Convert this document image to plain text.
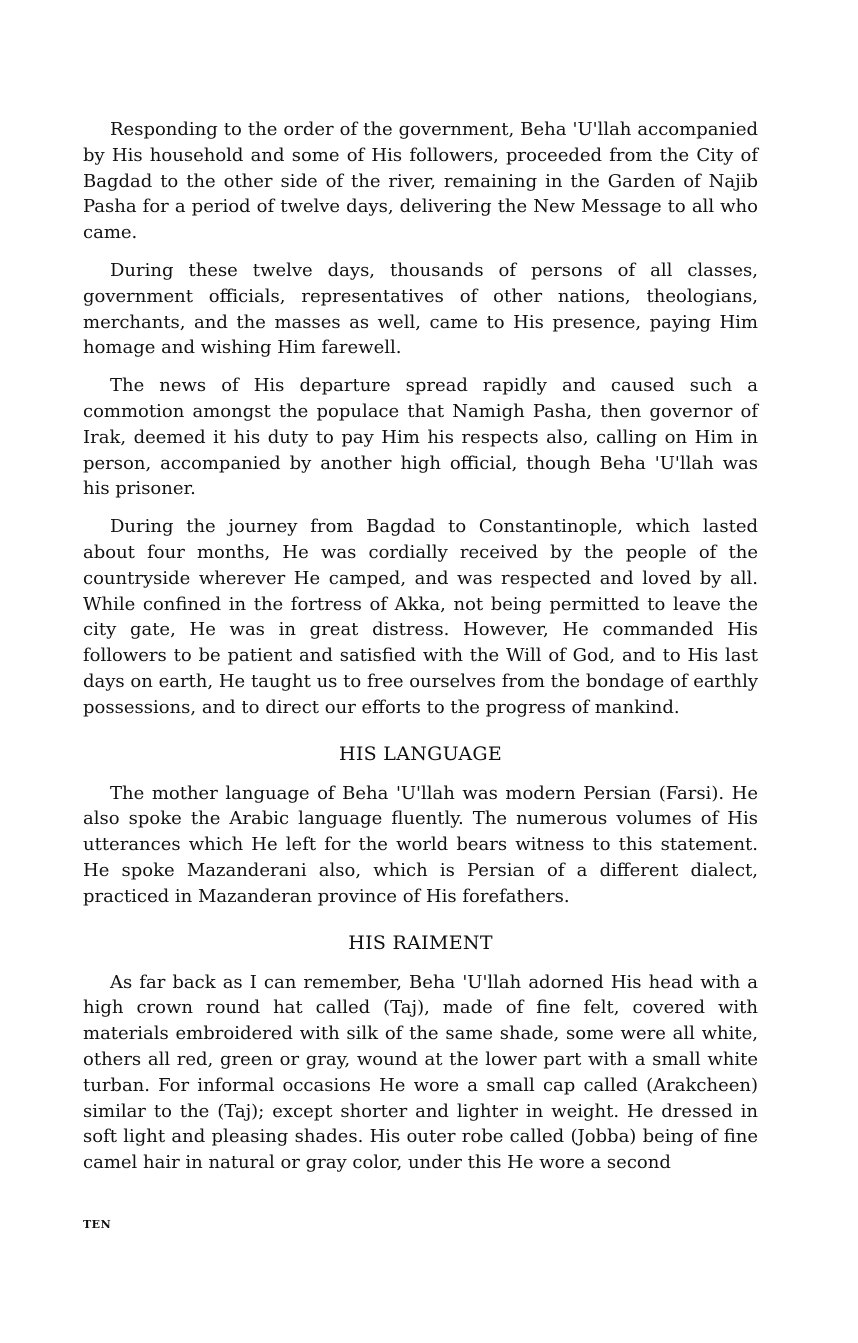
Responding to the order of the government, Beha 'U'llah accompanied by His household and some of His followers, proceeded from the City of Bagdad to the other side of the river, remaining in the Garden of Najib Pasha for a period of twelve days, delivering the New Message to all who came.

During these twelve days, thousands of persons of all classes, government officials, representatives of other nations, theologians, merchants, and the masses as well, came to His presence, paying Him homage and wishing Him farewell.

The news of His departure spread rapidly and caused such a commotion amongst the populace that Namigh Pasha, then governor of Irak, deemed it his duty to pay Him his respects also, calling on Him in person, accompanied by another high official, though Beha 'U'llah was his prisoner.

During the journey from Bagdad to Constantinople, which lasted about four months, He was cordially received by the people of the countryside wherever He camped, and was respected and loved by all. While confined in the fortress of Akka, not being permitted to leave the city gate, He was in great distress. However, He commanded His followers to be patient and satisfied with the Will of God, and to His last days on earth, He taught us to free ourselves from the bondage of earthly possessions, and to direct our efforts to the progress of mankind.

HIS LANGUAGE

The mother language of Beha 'U'llah was modern Persian (Farsi). He also spoke the Arabic language fluently. The numerous volumes of His utterances which He left for the world bears witness to this statement. He spoke Mazanderani also, which is Persian of a different dialect, practiced in Mazanderan province of His forefathers.

HIS RAIMENT

As far back as I can remember, Beha 'U'llah adorned His head with a high crown round hat called (Taj), made of fine felt, covered with materials embroidered with silk of the same shade, some were all white, others all red, green or gray, wound at the lower part with a small white turban. For informal occasions He wore a small cap called (Arakcheen) similar to the (Taj); except shorter and lighter in weight. He dressed in soft light and pleasing shades. His outer robe called (Jobba) being of fine camel hair in natural or gray color, under this He wore a second

TEN
